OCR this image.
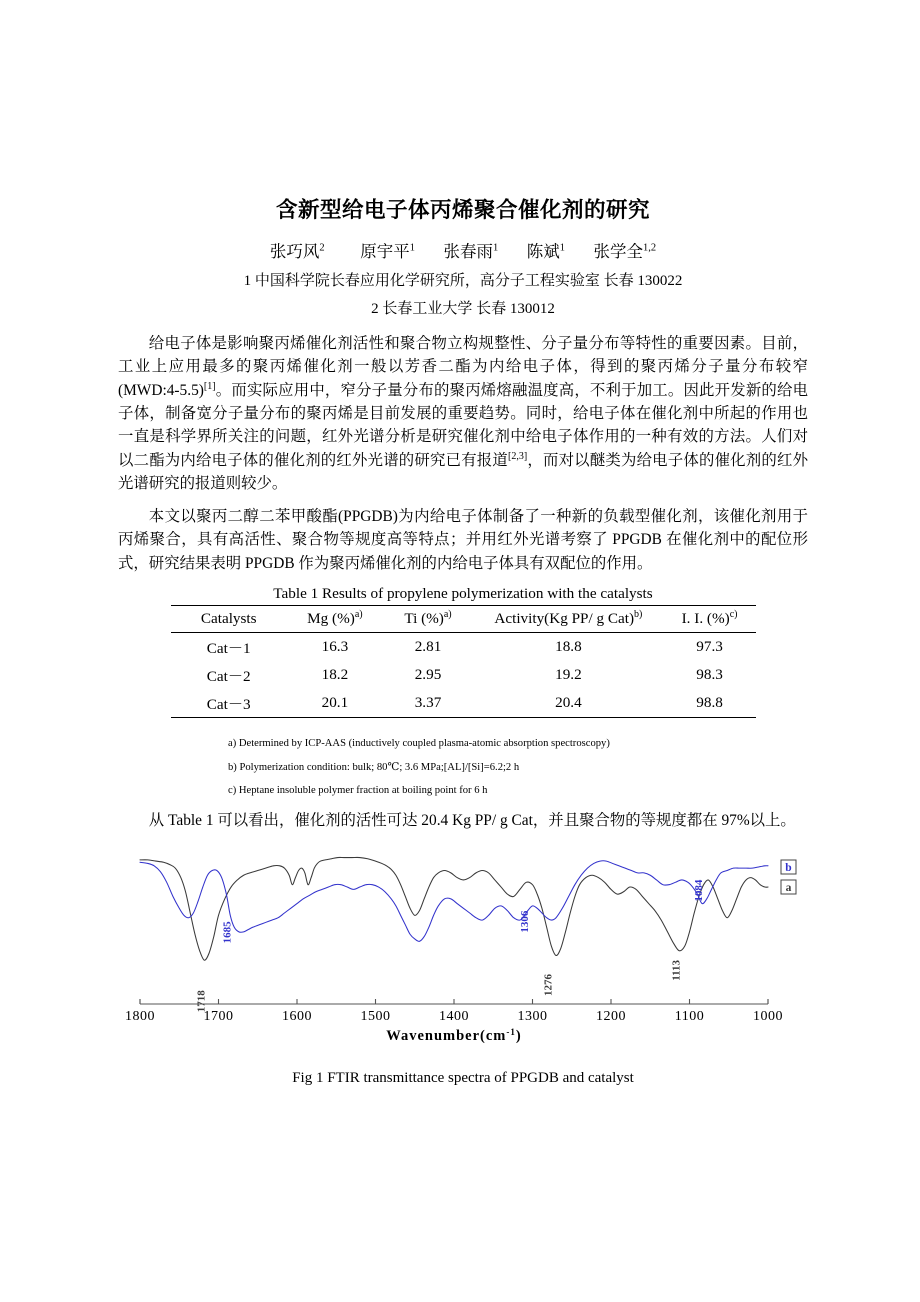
含新型给电子体丙烯聚合催化剂的研究
张巧风$^2$ 原宇平$^1$ 张春雨$^1$ 陈斌$^1$ 张学全$^{1,2}$
1 中国科学院长春应用化学研究所，高分子工程实验室 长春 130022
2 长春工业大学 长春 130012

给电子体是影响聚丙烯催化剂活性和聚合物立构规整性、分子量分布等特性的重要因素。目前，工业上应用最多的聚丙烯催化剂一般以芳香二酯为内给电子体，得到的聚丙烯分子量分布较窄(MWD:4-5.5)[1]。而实际应用中，窄分子量分布的聚丙烯熔融温度高，不利于加工。因此开发新的给电子体，制备宽分子量分布的聚丙烯是目前发展的重要趋势。同时，给电子体在催化剂中所起的作用也一直是科学界所关注的问题，红外光谱分析是研究催化剂中给电子体作用的一种有效的方法。人们对以二酯为内给电子体的催化剂的红外光谱的研究已有报道[2,3]，而对以醚类为给电子体的催化剂的红外光谱研究的报道则较少。

本文以聚丙二醇二苯甲酸酯(PPGDB)为内给电子体制备了一种新的负载型催化剂，该催化剂用于丙烯聚合，具有高活性、聚合物等规度高等特点；并用红外光谱考察了 PPGDB 在催化剂中的配位形式，研究结果表明 PPGDB 作为聚丙烯催化剂的内给电子体具有双配位的作用。

Table 1 Results of propylene polymerization with the catalysts
Catalysts	Mg (%)$^{a)}$	Ti (%)$^{a)}$	Activity(Kg PP/ g Cat)$^{b)}$	I. I. (%)$^{c)}$
Cat－1	16.3	2.81	18.8	97.3
Cat－2	18.2	2.95	19.2	98.3
Cat－3	20.1	3.37	20.4	98.8
a) Determined by ICP-AAS (inductively coupled plasma-atomic absorption spectroscopy)
b) Polymerization condition: bulk; 80℃; 3.6 MPa;[AL]/[Si]=6.2;2 h
c) Heptane insoluble polymer fraction at boiling point for 6 h

从 Table 1 可以看出，催化剂的活性可达 20.4 Kg PP/ g Cat，并且聚合物的等规度都在 97%以上。

1718
1276
1113
1685	1306
1084
1800	1700	1600	1500	1400	1300	1200	1100	1000
$Wavenumber(cm^{-1})$
b
a
Fig 1 FTIR transmittance spectra of PPGDB and catalyst
